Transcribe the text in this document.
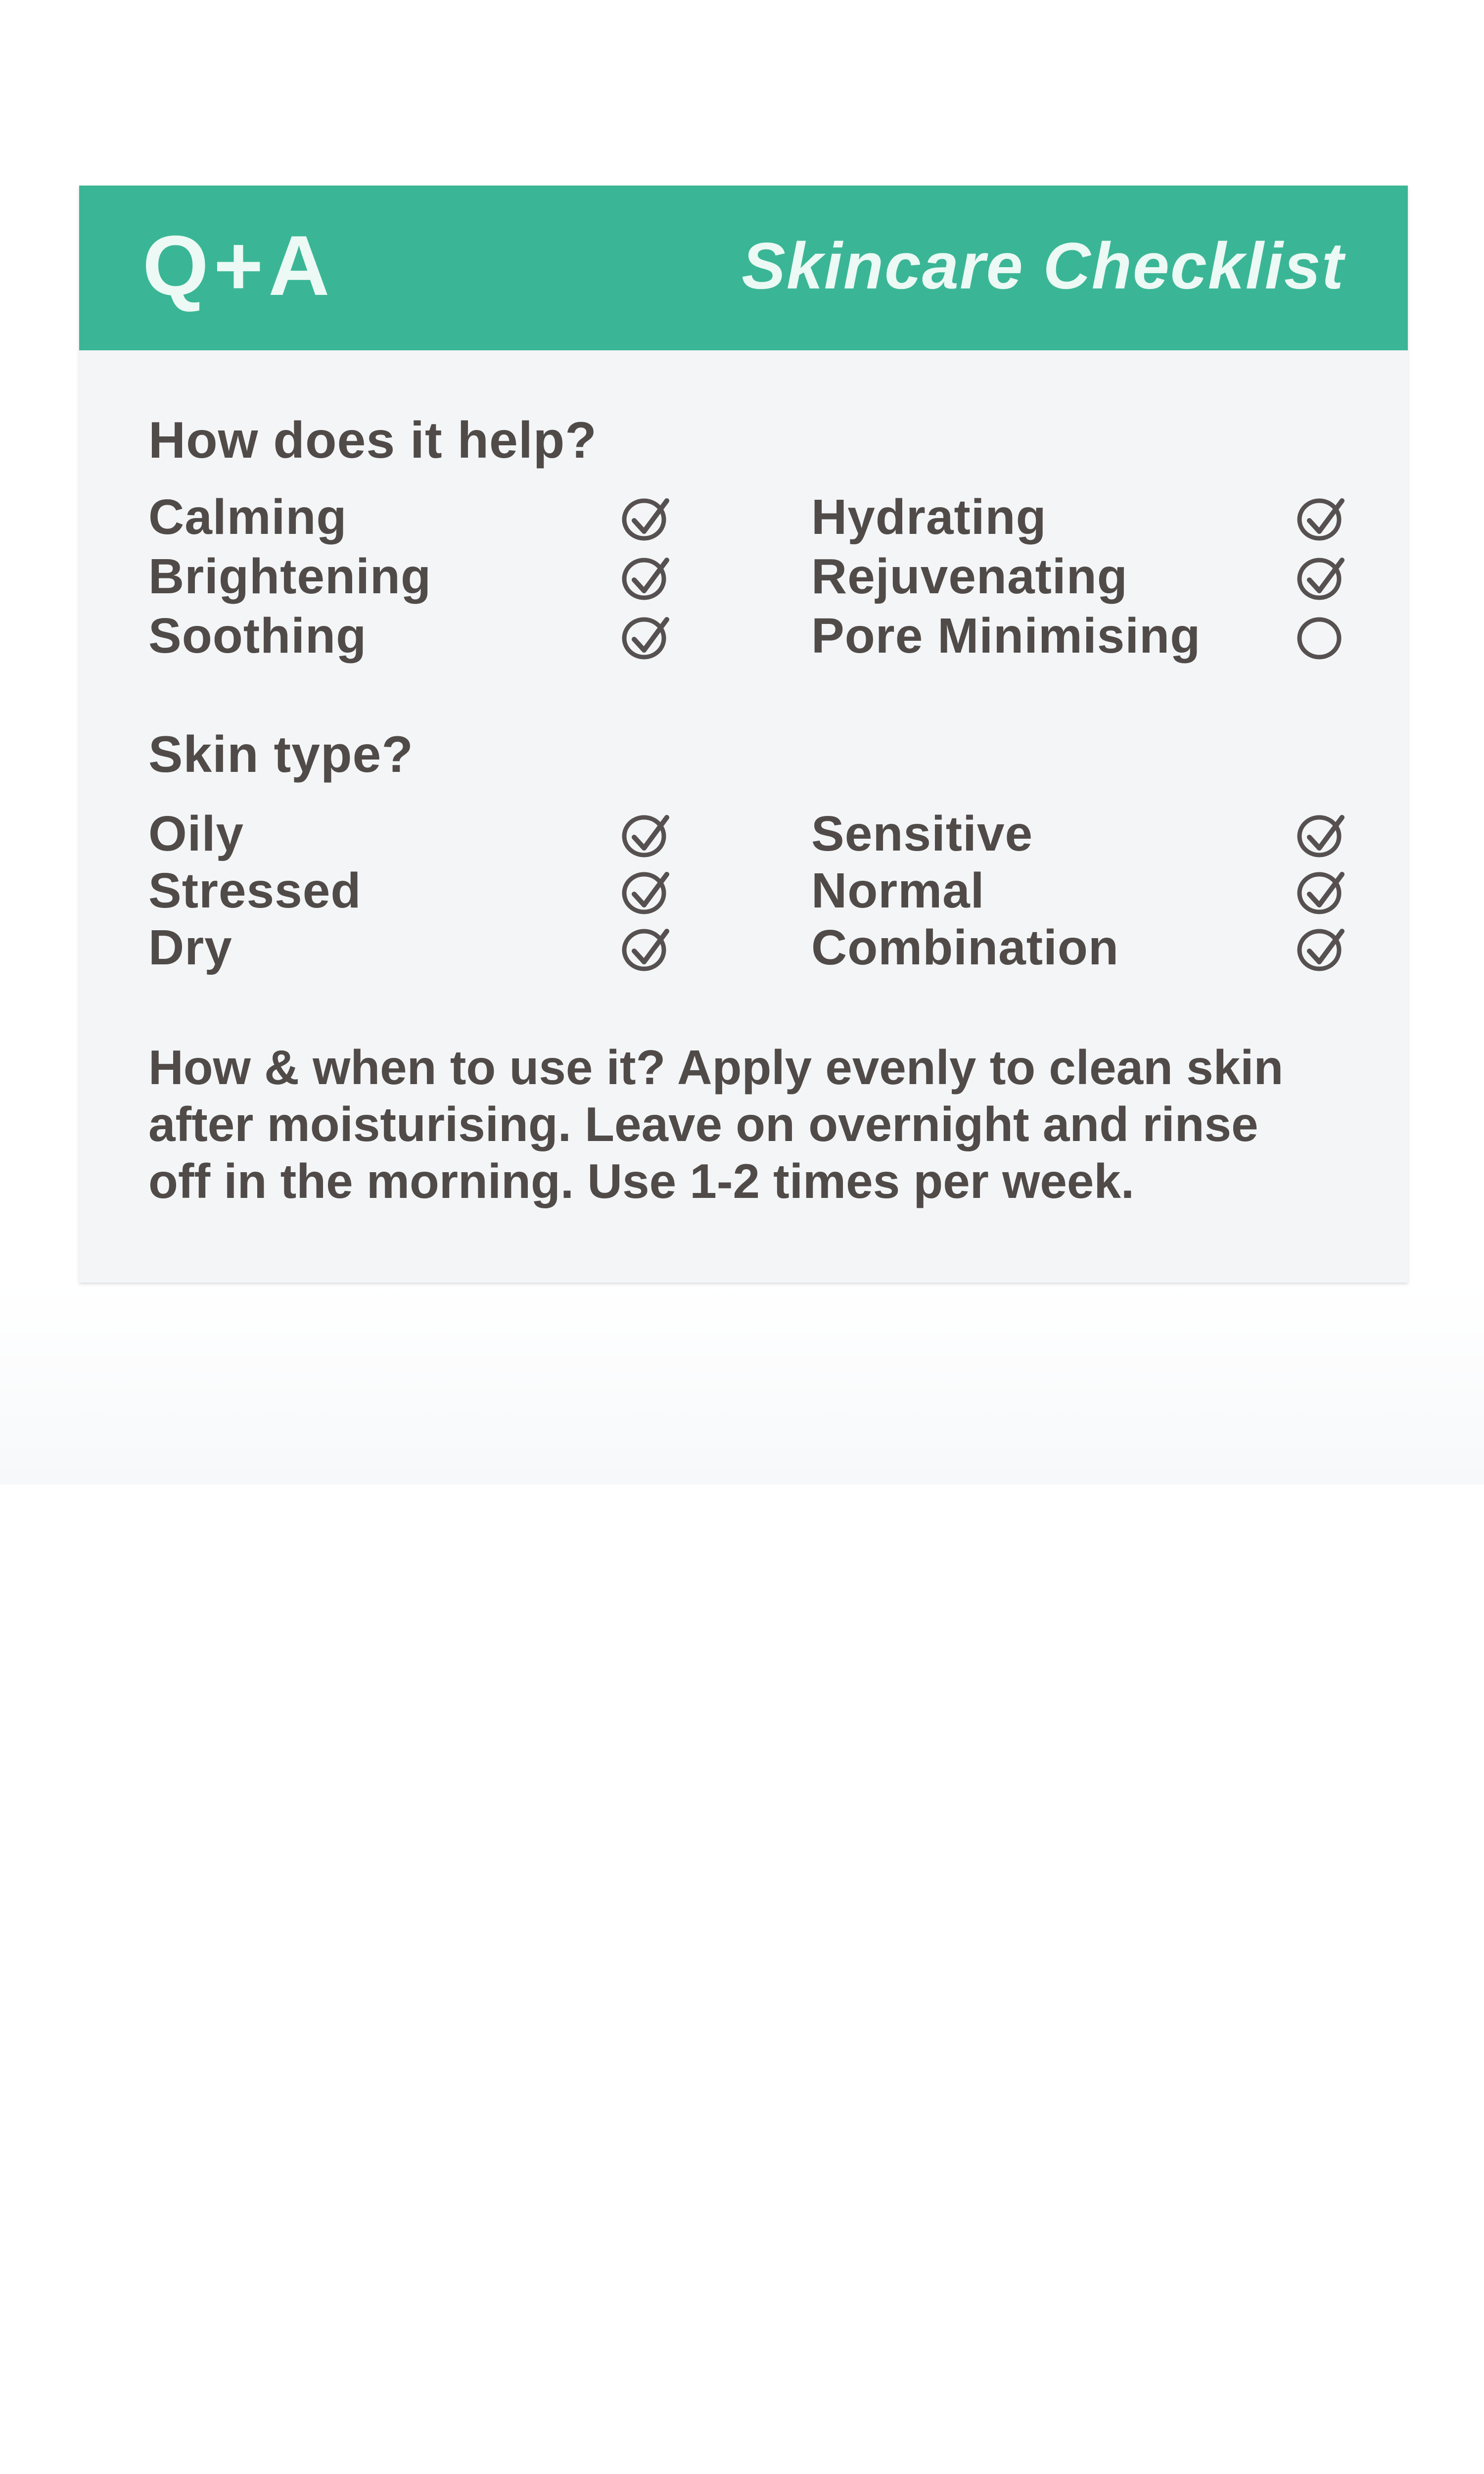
Q+A	Skincare Checklist
How does it help?
Calming
Brightening
Soothing
Hydrating
Rejuvenating
Pore Minimising
Skin type?
Oily
Stressed
Dry
Sensitive
Normal
Combination
How & when to use it? Apply evenly to clean skin
after moisturising. Leave on overnight and rinse
off in the morning. Use 1-2 times per week.
